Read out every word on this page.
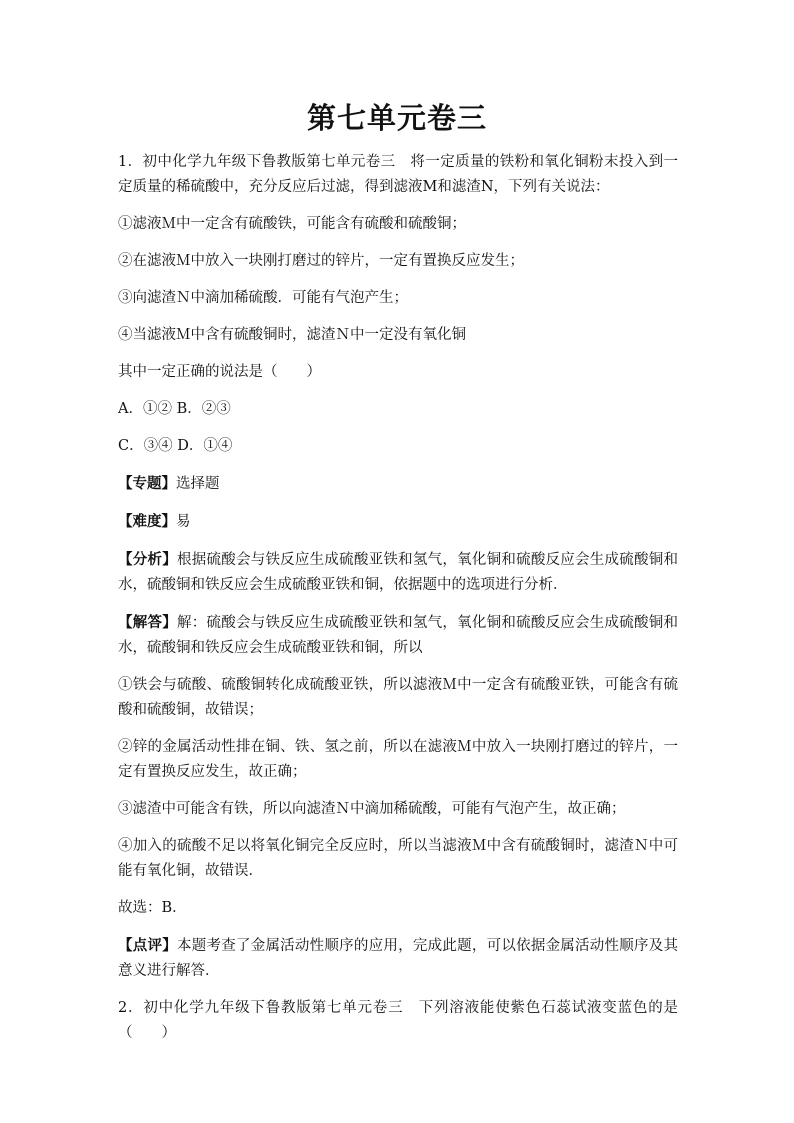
第七单元卷三

1．初中化学九年级下鲁教版第七单元卷三　将一定质量的铁粉和氧化铜粉末投入到一定质量的稀硫酸中，充分反应后过滤，得到滤液M和滤渣N，下列有关说法：

①滤液Ｍ中一定含有硫酸铁，可能含有硫酸和硫酸铜；

②在滤液Ｍ中放入一块刚打磨过的锌片，一定有置换反应发生；

③向滤渣Ｎ中滴加稀硫酸．可能有气泡产生；

④当滤液Ｍ中含有硫酸铜时，滤渣Ｎ中一定没有氧化铜

其中一定正确的说法是（　　）

A．①② B．②③

C．③④ D．①④

【专题】选择题

【难度】易

【分析】根据硫酸会与铁反应生成硫酸亚铁和氢气，氧化铜和硫酸反应会生成硫酸铜和水，硫酸铜和铁反应会生成硫酸亚铁和铜，依据题中的选项进行分析．

【解答】解：硫酸会与铁反应生成硫酸亚铁和氢气，氧化铜和硫酸反应会生成硫酸铜和水，硫酸铜和铁反应会生成硫酸亚铁和铜，所以

①铁会与硫酸、硫酸铜转化成硫酸亚铁，所以滤液Ｍ中一定含有硫酸亚铁，可能含有硫酸和硫酸铜，故错误；

②锌的金属活动性排在铜、铁、氢之前，所以在滤液Ｍ中放入一块刚打磨过的锌片，一定有置换反应发生，故正确；

③滤渣中可能含有铁，所以向滤渣Ｎ中滴加稀硫酸，可能有气泡产生，故正确；

④加入的硫酸不足以将氧化铜完全反应时，所以当滤液Ｍ中含有硫酸铜时，滤渣Ｎ中可能有氧化铜，故错误．

故选：B．

【点评】本题考查了金属活动性顺序的应用，完成此题，可以依据金属活动性顺序及其意义进行解答．

2．初中化学九年级下鲁教版第七单元卷三　下列溶液能使紫色石蕊试液变蓝色的是（　　）
